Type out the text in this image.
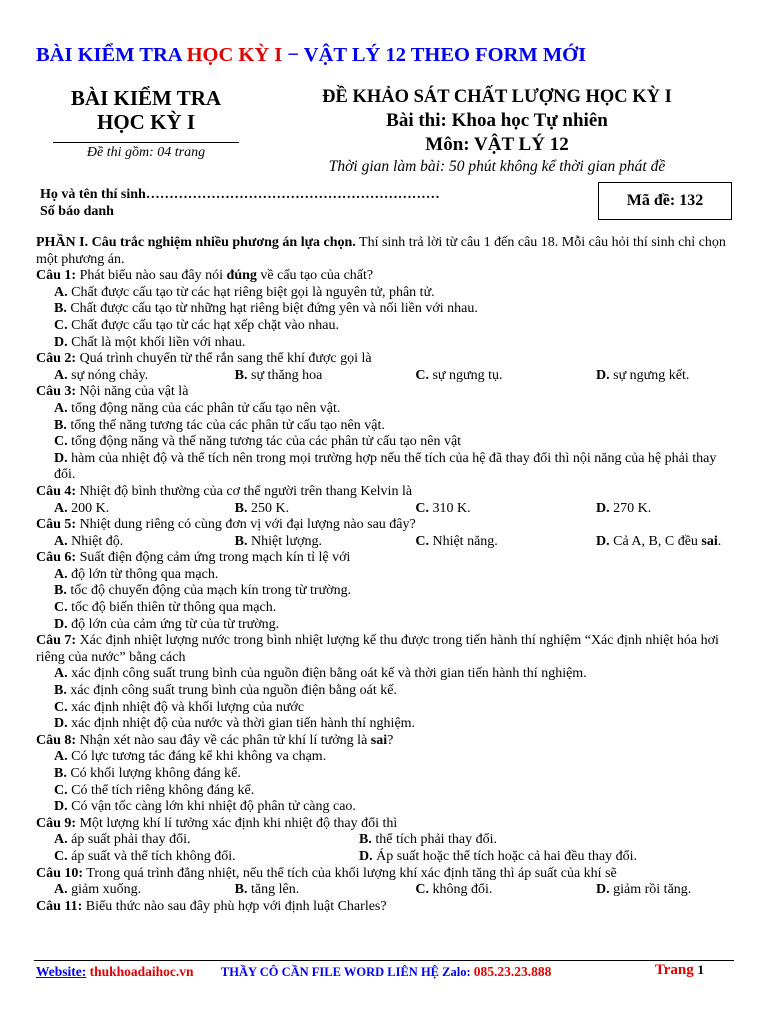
BÀI KIỂM TRA HỌC KỲ I − VẬT LÝ 12 THEO FORM MỚI
BÀI KIỂM TRA
HỌC KỲ I
Đề thi gồm: 04 trang
ĐỀ KHẢO SÁT CHẤT LƯỢNG HỌC KỲ I
Bài thi: Khoa học Tự nhiên
Môn: VẬT LÝ 12
Thời gian làm bài: 50 phút không kể thời gian phát đề
Họ và tên thí sinh………………………………………………………
Số báo danh
Mã đề: 132

PHẦN I. Câu trắc nghiệm nhiều phương án lựa chọn. Thí sinh trả lời từ câu 1 đến câu 18. Mỗi câu hỏi thí sinh chỉ chọn một phương án.

Câu 1: Phát biểu nào sau đây nói đúng về cấu tạo của chất?

A. Chất được cấu tạo từ các hạt riêng biệt gọi là nguyên tử, phân tử.
B. Chất được cấu tạo từ những hạt riêng biệt đứng yên và nối liền với nhau.
C. Chất được cấu tạo từ các hạt xếp chặt vào nhau.
D. Chất là một khối liền với nhau.

Câu 2: Quá trình chuyển từ thể rắn sang thể khí được gọi là

A. sự nóng chảy.	B. sự thăng hoa	C. sự ngưng tụ.	D. sự ngưng kết.

Câu 3: Nội năng của vật là

A. tổng động năng của các phân tử cấu tạo nên vật.
B. tổng thế năng tương tác của các phân tử cấu tạo nên vật.
C. tổng động năng và thế năng tương tác của các phân tử cấu tạo nên vật
D. hàm của nhiệt độ và thể tích nên trong mọi trường hợp nếu thể tích của hệ đã thay đổi thì nội năng của hệ phải thay đổi.

Câu 4: Nhiệt độ bình thường của cơ thể người trên thang Kelvin là

A. 200 K.	B. 250 K.	C. 310 K.	D. 270 K.

Câu 5: Nhiệt dung riêng có cùng đơn vị với đại lượng nào sau đây?

A. Nhiệt độ.	B. Nhiệt lượng.	C. Nhiệt năng.	D. Cả A, B, C đều sai.

Câu 6: Suất điện động cảm ứng trong mạch kín tỉ lệ với

A. độ lớn từ thông qua mạch.
B. tốc độ chuyển động của mạch kín trong từ trường.
C. tốc độ biến thiên từ thông qua mạch.
D. độ lớn của cảm ứng từ của từ trường.

Câu 7: Xác định nhiệt lượng nước trong bình nhiệt lượng kế thu được trong tiến hành thí nghiệm “Xác định nhiệt hóa hơi riêng của nước” bằng cách

A. xác định công suất trung bình của nguồn điện bằng oát kế và thời gian tiến hành thí nghiệm.
B. xác định công suất trung bình của nguồn điện bằng oát kế.
C. xác định nhiệt độ và khối lượng của nước
D. xác định nhiệt độ của nước và thời gian tiến hành thí nghiệm.

Câu 8: Nhận xét nào sau đây về các phân tử khí lí tưởng là sai?

A. Có lực tương tác đáng kể khi không va chạm.
B. Có khối lượng không đáng kể.
C. Có thể tích riêng không đáng kể.
D. Có vận tốc càng lớn khi nhiệt độ phân tử càng cao.

Câu 9: Một lượng khí lí tưởng xác định khi nhiệt độ thay đổi thì

A. áp suất phải thay đổi.	B. thể tích phải thay đổi.
C. áp suất và thể tích không đổi.	D. Áp suất hoặc thể tích hoặc cả hai đều thay đổi.

Câu 10: Trong quá trình đẳng nhiệt, nếu thể tích của khối lượng khí xác định tăng thì áp suất của khí sẽ

A. giảm xuống.	B. tăng lên.	C. không đổi.	D. giảm rồi tăng.

Câu 11: Biểu thức nào sau đây phù hợp với định luật Charles?

Website: thukhoadaihoc.vn THẦY CÔ CẦN FILE WORD LIÊN HỆ Zalo: 085.23.23.888	Trang 1
